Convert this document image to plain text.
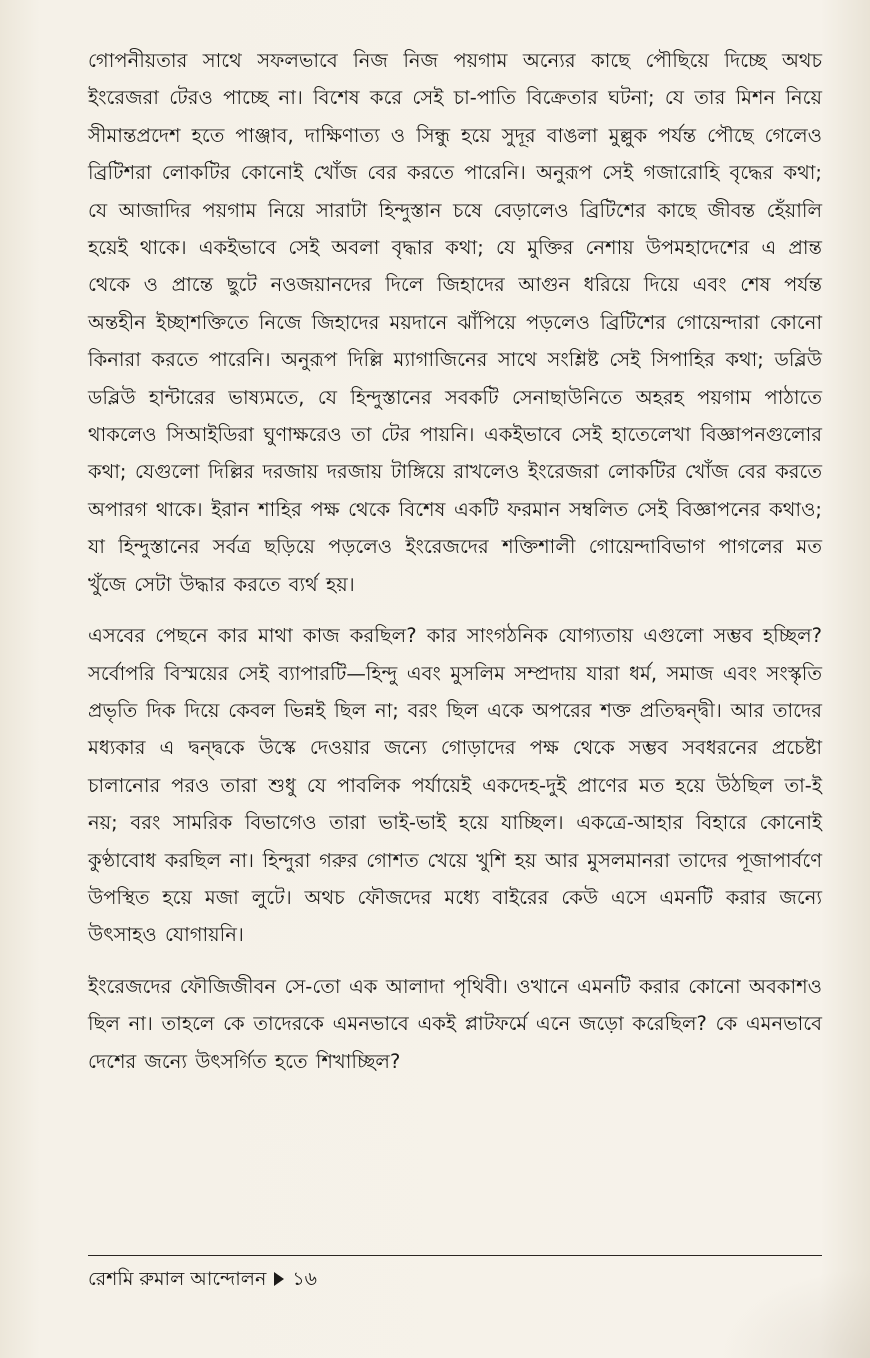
গোপনীয়তার সাথে সফলভাবে নিজ নিজ পয়গাম অন্যের কাছে পৌছিয়ে দিচ্ছে অথচ ইংরেজরা টেরও পাচ্ছে না। বিশেষ করে সেই চা-পাতি বিক্রেতার ঘটনা; যে তার মিশন নিয়ে সীমান্তপ্রদেশ হতে পাঞ্জাব, দাক্ষিণাত্য ও সিন্ধু হয়ে সুদূর বাঙলা মুল্লুক পর্যন্ত পৌছে গেলেও ব্রিটিশরা লোকটির কোনোই খোঁজ বের করতে পারেনি। অনুরূপ সেই গজারোহি বৃদ্ধের কথা; যে আজাদির পয়গাম নিয়ে সারাটা হিন্দুস্তান চষে বেড়ালেও ব্রিটিশের কাছে জীবন্ত হেঁয়ালি হয়েই থাকে। একইভাবে সেই অবলা বৃদ্ধার কথা; যে মুক্তির নেশায় উপমহাদেশের এ প্রান্ত থেকে ও প্রান্তে ছুটে নওজয়ানদের দিলে জিহাদের আগুন ধরিয়ে দিয়ে এবং শেষ পর্যন্ত অন্তহীন ইচ্ছাশক্তিতে নিজে জিহাদের ময়দানে ঝাঁপিয়ে পড়লেও ব্রিটিশের গোয়েন্দারা কোনো কিনারা করতে পারেনি। অনুরূপ দিল্লি ম্যাগাজিনের সাথে সংশ্লিষ্ট সেই সিপাহির কথা; ডব্লিউ ডব্লিউ হান্টারের ভাষ্যমতে, যে হিন্দুস্তানের সবকটি সেনাছাউনিতে অহরহ পয়গাম পাঠাতে থাকলেও সিআইডিরা ঘুণাক্ষরেও তা টের পায়নি। একইভাবে সেই হাতেলেখা বিজ্ঞাপনগুলোর কথা; যেগুলো দিল্লির দরজায় দরজায় টাঙ্গিয়ে রাখলেও ইংরেজরা লোকটির খোঁজ বের করতে অপারগ থাকে। ইরান শাহির পক্ষ থেকে বিশেষ একটি ফরমান সম্বলিত সেই বিজ্ঞাপনের কথাও; যা হিন্দুস্তানের সর্বত্র ছড়িয়ে পড়লেও ইংরেজদের শক্তিশালী গোয়েন্দাবিভাগ পাগলের মত খুঁজে সেটা উদ্ধার করতে ব্যর্থ হয়।

এসবের পেছনে কার মাথা কাজ করছিল? কার সাংগঠনিক যোগ্যতায় এগুলো সম্ভব হচ্ছিল? সর্বোপরি বিস্ময়ের সেই ব্যাপারটি—হিন্দু এবং মুসলিম সম্প্রদায় যারা ধর্ম, সমাজ এবং সংস্কৃতি প্রভৃতি দিক দিয়ে কেবল ভিন্নই ছিল না; বরং ছিল একে অপরের শক্ত প্রতিদ্বন্দ্বী। আর তাদের মধ্যকার এ দ্বন্দ্বকে উস্কে দেওয়ার জন্যে গোড়াদের পক্ষ থেকে সম্ভব সবধরনের প্রচেষ্টা চালানোর পরও তারা শুধু যে পাবলিক পর্যায়েই একদেহ-দুই প্রাণের মত হয়ে উঠছিল তা-ই নয়; বরং সামরিক বিভাগেও তারা ভাই-ভাই হয়ে যাচ্ছিল। একত্রে-আহার বিহারে কোনোই কুণ্ঠাবোধ করছিল না। হিন্দুরা গরুর গোশত খেয়ে খুশি হয় আর মুসলমানরা তাদের পূজাপার্বণে উপস্থিত হয়ে মজা লুটে। অথচ ফৌজদের মধ্যে বাইরের কেউ এসে এমনটি করার জন্যে উৎসাহও যোগায়নি।

ইংরেজদের ফৌজিজীবন সে-তো এক আলাদা পৃথিবী। ওখানে এমনটি করার কোনো অবকাশও ছিল না। তাহলে কে তাদেরকে এমনভাবে একই প্লাটফর্মে এনে জড়ো করেছিল? কে এমনভাবে দেশের জন্যে উৎসর্গিত হতে শিখাচ্ছিল?

রেশমি রুমাল আন্দোলন ১৬
